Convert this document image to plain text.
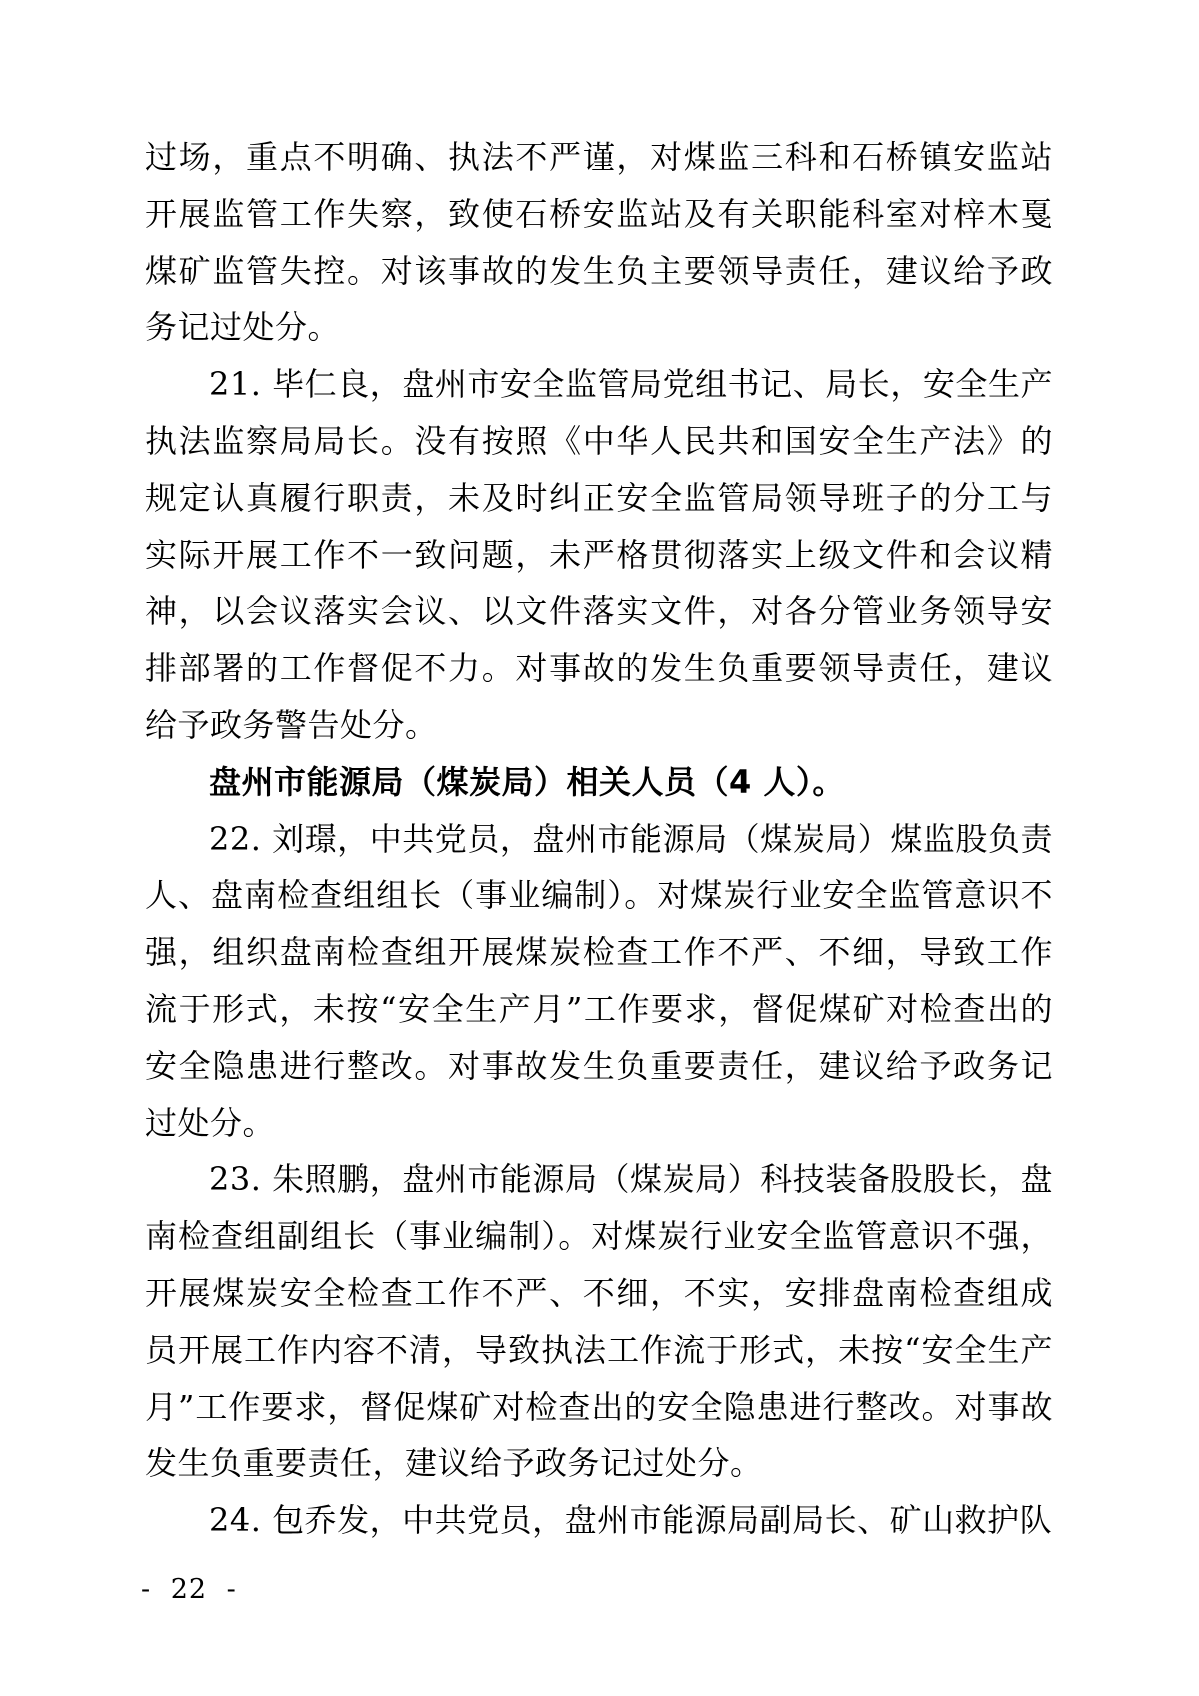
过场，重点不明确、执法不严谨，对煤监三科和石桥镇安监站开展监管工作失察，致使石桥安监站及有关职能科室对梓木戛煤矿监管失控。对该事故的发生负主要领导责任，建议给予政务记过处分。

21. 毕仁良，盘州市安全监管局党组书记、局长，安全生产执法监察局局长。没有按照《中华人民共和国安全生产法》的规定认真履行职责，未及时纠正安全监管局领导班子的分工与实际开展工作不一致问题，未严格贯彻落实上级文件和会议精神，以会议落实会议、以文件落实文件，对各分管业务领导安排部署的工作督促不力。对事故的发生负重要领导责任，建议给予政务警告处分。

盘州市能源局（煤炭局）相关人员（4 人）。

22. 刘璟，中共党员，盘州市能源局（煤炭局）煤监股负责人、盘南检查组组长（事业编制）。对煤炭行业安全监管意识不强，组织盘南检查组开展煤炭检查工作不严、不细，导致工作流于形式，未按“安全生产月”工作要求，督促煤矿对检查出的安全隐患进行整改。对事故发生负重要责任，建议给予政务记过处分。

23. 朱照鹏，盘州市能源局（煤炭局）科技装备股股长，盘南检查组副组长（事业编制）。对煤炭行业安全监管意识不强，开展煤炭安全检查工作不严、不细，不实，安排盘南检查组成员开展工作内容不清，导致执法工作流于形式，未按“安全生产月”工作要求，督促煤矿对检查出的安全隐患进行整改。对事故发生负重要责任，建议给予政务记过处分。

24. 包乔发，中共党员，盘州市能源局副局长、矿山救护队

- 22 -
